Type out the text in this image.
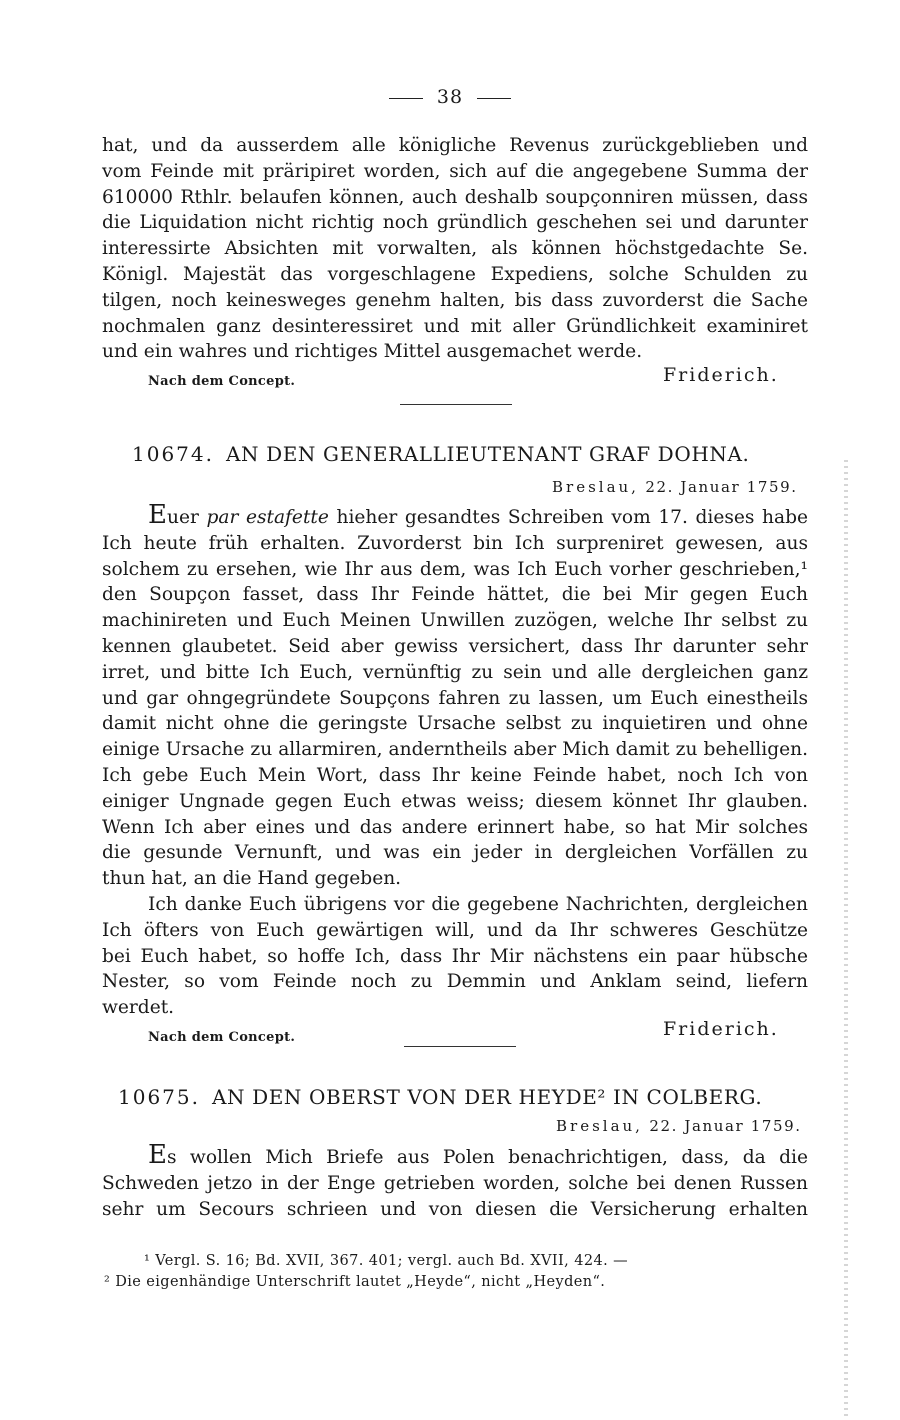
38

hat, und da ausserdem alle königliche Revenus zurückgeblieben und
vom Feinde mit präripiret worden, sich auf die angegebene Summa der
610000 Rthlr. belaufen können, auch deshalb soupçonniren müssen, dass
die Liquidation nicht richtig noch gründlich geschehen sei und darunter
interessirte Absichten mit vorwalten, als können höchstgedachte Se.
Königl. Majestät das vorgeschlagene Expediens, solche Schulden zu
tilgen, noch keinesweges genehm halten, bis dass zuvorderst die Sache
nochmalen ganz desinteressiret und mit aller Gründlichkeit examiniret
und ein wahres und richtiges Mittel ausgemachet werde.

Nach dem Concept.	Friderich.
10674. AN DEN GENERALLIEUTENANT GRAF DOHNA.
Breslau, 22. Januar 1759.

Euer par estafette hieher gesandtes Schreiben vom 17. dieses habe
Ich heute früh erhalten. Zuvorderst bin Ich surpreniret gewesen, aus
solchem zu ersehen, wie Ihr aus dem, was Ich Euch vorher geschrieben,¹
den Soupçon fasset, dass Ihr Feinde hättet, die bei Mir gegen Euch
machinireten und Euch Meinen Unwillen zuzögen, welche Ihr selbst zu
kennen glaubetet. Seid aber gewiss versichert, dass Ihr darunter sehr
irret, und bitte Ich Euch, vernünftig zu sein und alle dergleichen ganz
und gar ohngegründete Soupçons fahren zu lassen, um Euch einestheils
damit nicht ohne die geringste Ursache selbst zu inquietiren und ohne
einige Ursache zu allarmiren, anderntheils aber Mich damit zu behelligen.
Ich gebe Euch Mein Wort, dass Ihr keine Feinde habet, noch Ich von
einiger Ungnade gegen Euch etwas weiss; diesem könnet Ihr glauben.
Wenn Ich aber eines und das andere erinnert habe, so hat Mir solches
die gesunde Vernunft, und was ein jeder in dergleichen Vorfällen zu
thun hat, an die Hand gegeben.

Ich danke Euch übrigens vor die gegebene Nachrichten, dergleichen
Ich öfters von Euch gewärtigen will, und da Ihr schweres Geschütze
bei Euch habet, so hoffe Ich, dass Ihr Mir nächstens ein paar hübsche
Nester, so vom Feinde noch zu Demmin und Anklam seind, liefern
werdet.

Nach dem Concept.	Friderich.
10675. AN DEN OBERST VON DER HEYDE² IN COLBERG.
Breslau, 22. Januar 1759.

Es wollen Mich Briefe aus Polen benachrichtigen, dass, da die
Schweden jetzo in der Enge getrieben worden, solche bei denen Russen
sehr um Secours schrieen und von diesen die Versicherung erhalten

¹ Vergl. S. 16; Bd. XVII, 367. 401; vergl. auch Bd. XVII, 424. —
² Die eigenhändige Unterschrift lautet „Heyde“, nicht „Heyden“.
